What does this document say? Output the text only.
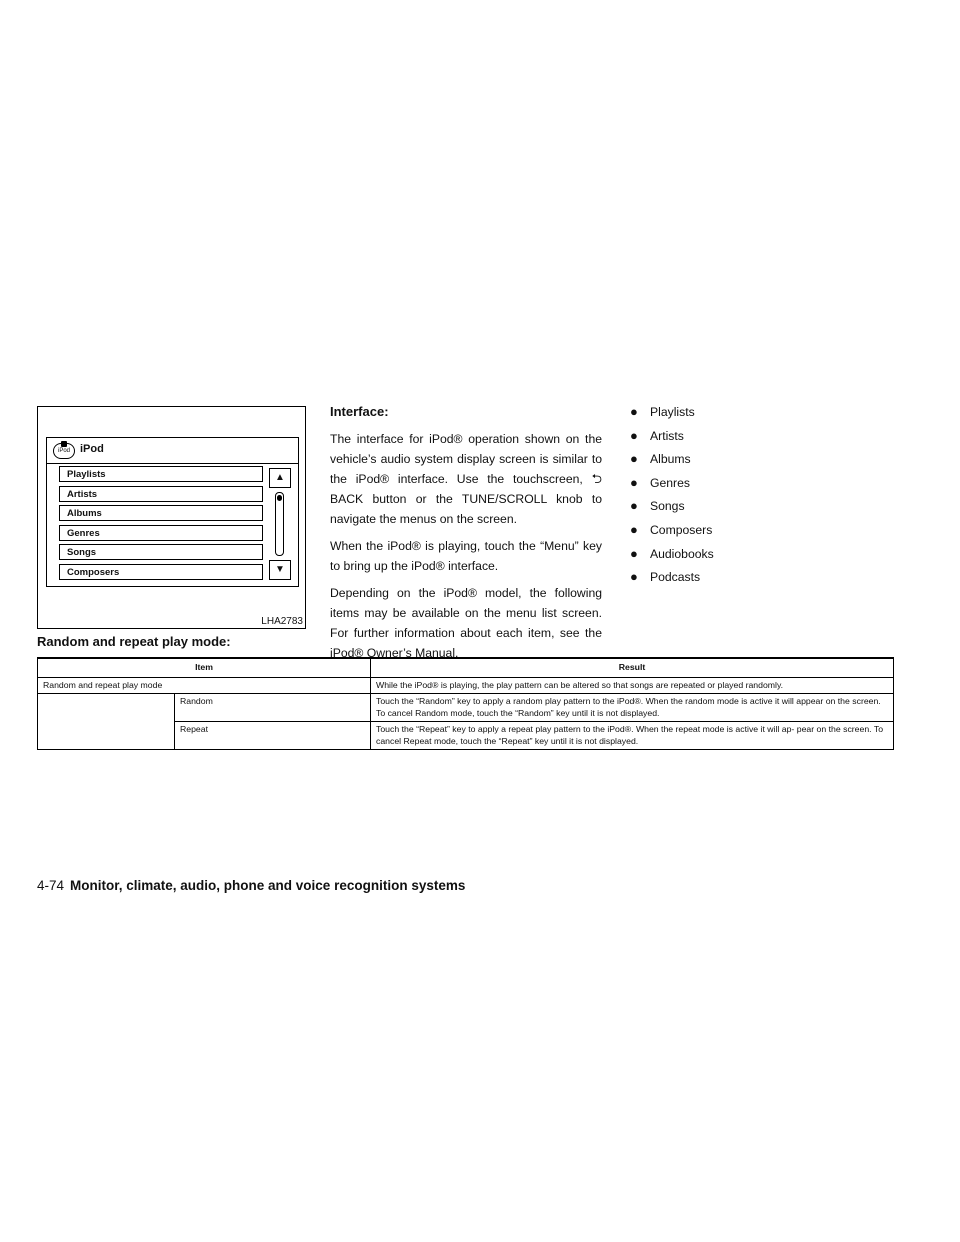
iPod iPod
Playlists
Artists
Albums
Genres
Songs
Composers
▲
▼
LHA2783
Interface:

The interface for iPod® operation shown on the vehicle’s audio system display screen is similar to the iPod® interface. Use the touchscreen, ⮌ BACK button or the TUNE/SCROLL knob to navigate the menus on the screen.

When the iPod® is playing, touch the “Menu” key to bring up the iPod® interface.

Depending on the iPod® model, the following items may be available on the menu list screen. For further information about each item, see the iPod® Owner’s Manual.

● Playlists
● Artists
● Albums
● Genres
● Songs
● Composers
● Audiobooks
● Podcasts
Random and repeat play mode:
Item		Result
Random and repeat play mode		While the iPod® is playing, the play pattern can be altered so that songs are repeated or played randomly.
	Random	Touch the “Random” key to apply a random play pattern to the iPod®. When the random mode is active it will appear on the screen. To cancel Random mode, touch the “Random” key until it is not displayed.
	Repeat	Touch the “Repeat” key to apply a repeat play pattern to the iPod®. When the repeat mode is active it will ap- pear on the screen. To cancel Repeat mode, touch the “Repeat” key until it is not displayed.
4-74 Monitor, climate, audio, phone and voice recognition systems
